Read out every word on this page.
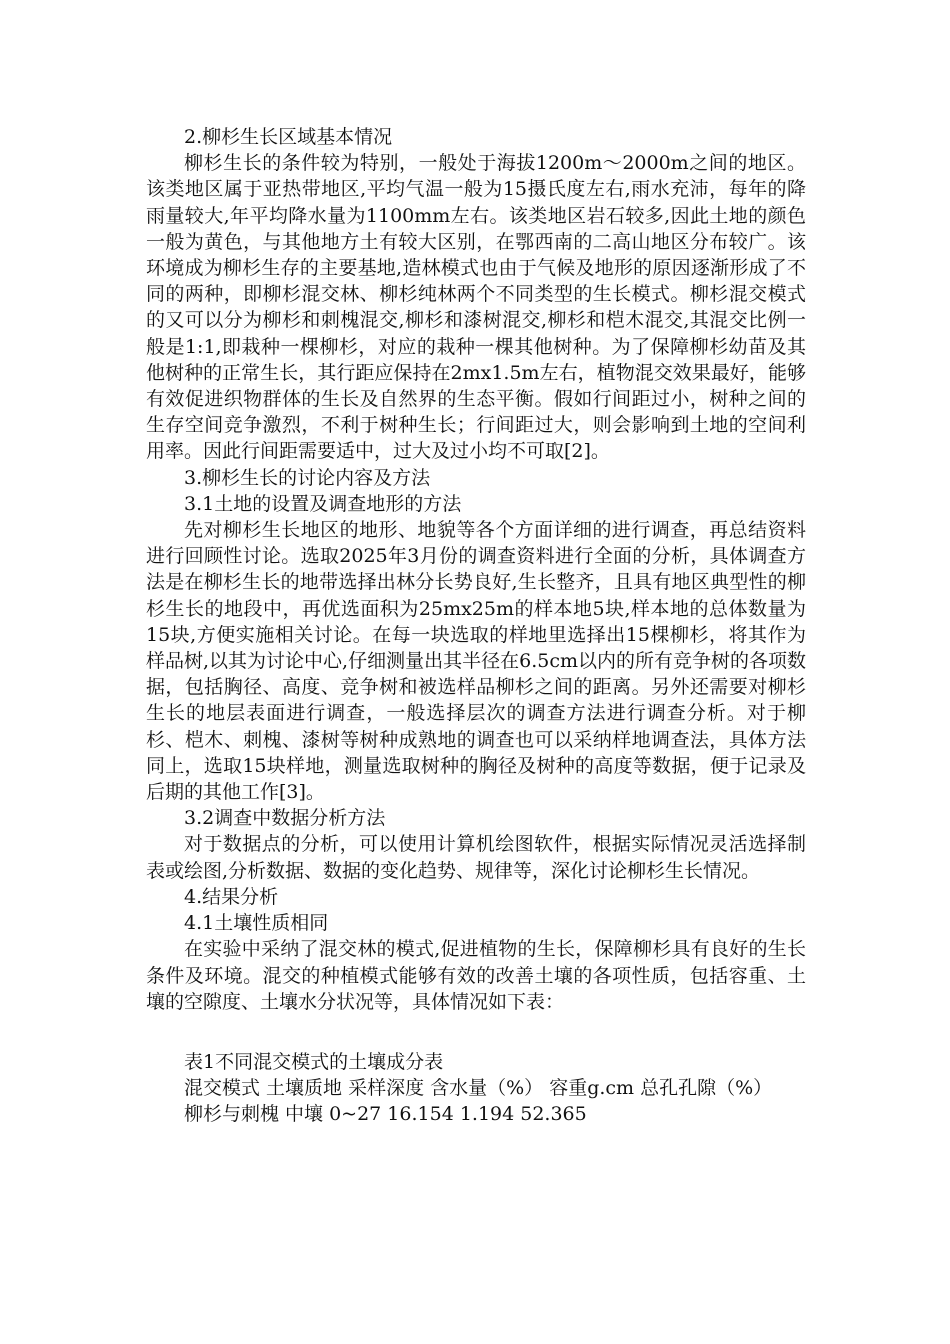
2.柳杉生长区域基本情况

柳杉生长的条件较为特别，一般处于海拔1200m～2000m之间的地区。该类地区属于亚热带地区,平均气温一般为15摄氏度左右,雨水充沛，每年的降雨量较大,年平均降水量为1100mm左右。该类地区岩石较多,因此土地的颜色一般为黄色，与其他地方土有较大区别，在鄂西南的二高山地区分布较广。该环境成为柳杉生存的主要基地,造林模式也由于气候及地形的原因逐渐形成了不同的两种，即柳杉混交林、柳杉纯林两个不同类型的生长模式。柳杉混交模式的又可以分为柳杉和刺槐混交,柳杉和漆树混交,柳杉和桤木混交,其混交比例一般是1:1,即栽种一棵柳杉，对应的栽种一棵其他树种。为了保障柳杉幼苗及其他树种的正常生长，其行距应保持在2mx1.5m左右，植物混交效果最好，能够有效促进织物群体的生长及自然界的生态平衡。假如行间距过小，树种之间的生存空间竞争激烈，不利于树种生长；行间距过大，则会影响到土地的空间利用率。因此行间距需要适中，过大及过小均不可取[2]。

3.柳杉生长的讨论内容及方法

3.1土地的设置及调查地形的方法

先对柳杉生长地区的地形、地貌等各个方面详细的进行调查，再总结资料进行回顾性讨论。选取2025年3月份的调查资料进行全面的分析，具体调查方法是在柳杉生长的地带选择出林分长势良好,生长整齐，且具有地区典型性的柳杉生长的地段中，再优选面积为25mx25m的样本地5块,样本地的总体数量为15块,方便实施相关讨论。在每一块选取的样地里选择出15棵柳杉，将其作为样品树,以其为讨论中心,仔细测量出其半径在6.5cm以内的所有竞争树的各项数据，包括胸径、高度、竞争树和被选样品柳杉之间的距离。另外还需要对柳杉生长的地层表面进行调查，一般选择层次的调查方法进行调查分析。对于柳杉、桤木、刺槐、漆树等树种成熟地的调查也可以采纳样地调查法，具体方法同上，选取15块样地，测量选取树种的胸径及树种的高度等数据，便于记录及后期的其他工作[3]。

3.2调查中数据分析方法

对于数据点的分析，可以使用计算机绘图软件，根据实际情况灵活选择制表或绘图,分析数据、数据的变化趋势、规律等，深化讨论柳杉生长情况。

4.结果分析

4.1土壤性质相同

在实验中采纳了混交林的模式,促进植物的生长，保障柳杉具有良好的生长条件及环境。混交的种植模式能够有效的改善土壤的各项性质，包括容重、土壤的空隙度、土壤水分状况等，具体情况如下表：

表1不同混交模式的土壤成分表

混交模式 土壤质地 采样深度 含水量（%） 容重g.cm 总孔孔隙（%）

柳杉与刺槐 中壤 0~27 16.154 1.194 52.365
